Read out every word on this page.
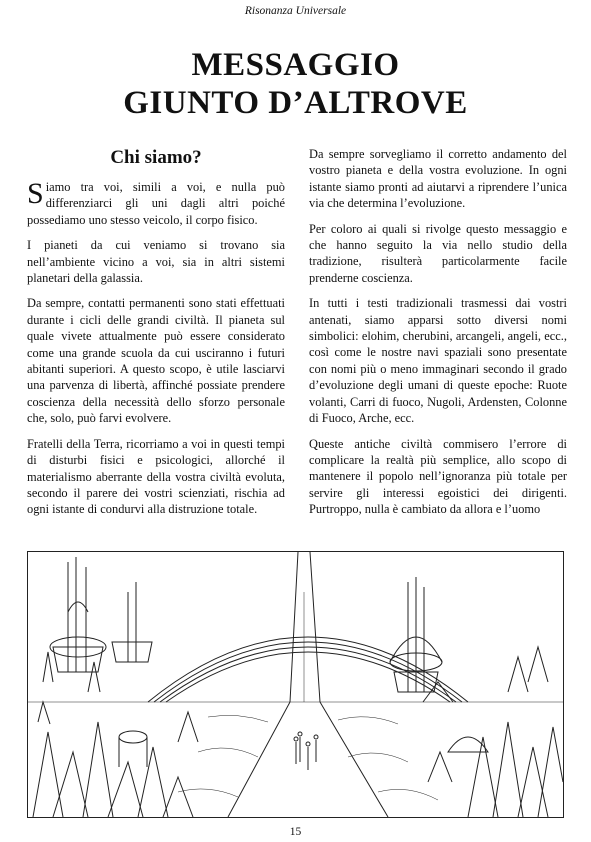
Risonanza Universale
MESSAGGIO
GIUNTO D’ALTROVE
Chi siamo?

Siamo tra voi, simili a voi, e nulla può differenziarci gli uni dagli altri poiché possediamo uno stesso veicolo, il corpo fisico.

I pianeti da cui veniamo si trovano sia nell’ambiente vicino a voi, sia in altri sistemi planetari della galassia.

Da sempre, contatti permanenti sono stati effettuati durante i cicli delle grandi civiltà. Il pianeta sul quale vivete attualmente può essere considerato come una grande scuola da cui usciranno i futuri abitanti superiori. A questo scopo, è utile lasciarvi una parvenza di libertà, affinché possiate prendere coscienza della necessità dello sforzo personale che, solo, può farvi evolvere.

Fratelli della Terra, ricorriamo a voi in questi tempi di disturbi fisici e psicologici, allorché il materialismo aberrante della vostra civiltà evoluta, secondo il parere dei vostri scienziati, rischia ad ogni istante di condurvi alla distruzione totale.

Da sempre sorvegliamo il corretto andamento del vostro pianeta e della vostra evoluzione. In ogni istante siamo pronti ad aiutarvi a riprendere l’unica via che determina l’evoluzione.

Per coloro ai quali si rivolge questo messaggio e che hanno seguito la via nello studio della tradizione, risulterà particolarmente facile prenderne coscienza.

In tutti i testi tradizionali trasmessi dai vostri antenati, siamo apparsi sotto diversi nomi simbolici: elohim, cherubini, arcangeli, angeli, ecc., così come le nostre navi spaziali sono presentate con nomi più o meno immaginari secondo il grado d’evoluzione degli umani di queste epoche: Ruote volanti, Carri di fuoco, Nugoli, Ardensten, Colonne di Fuoco, Arche, ecc.

Queste antiche civiltà commisero l’errore di complicare la realtà più semplice, allo scopo di mantenere il popolo nell’ignoranza più totale per servire gli interessi egoistici dei dirigenti. Purtroppo, nulla è cambiato da allora e l’uomo

15
